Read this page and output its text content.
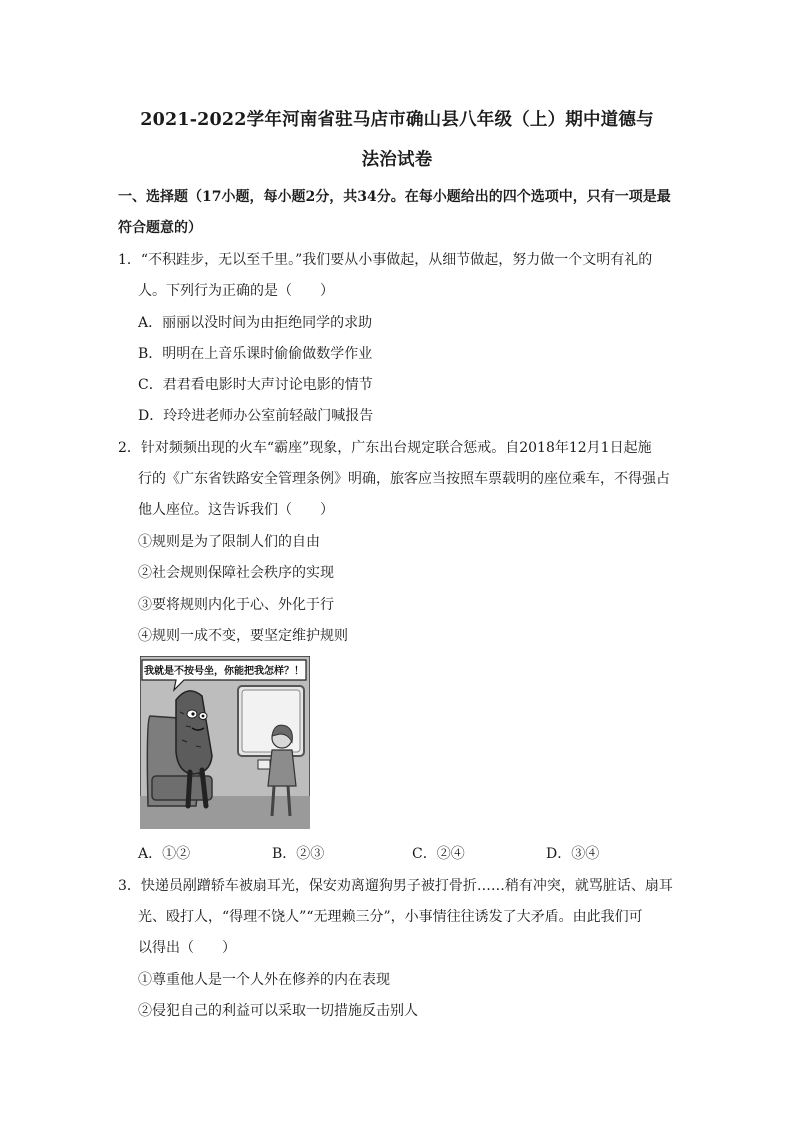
2021-2022学年河南省驻马店市确山县八年级（上）期中道德与
法治试卷
一、选择题（17小题，每小题2分，共34分。在每小题给出的四个选项中，只有一项是最
符合题意的）
1．“不积跬步，无以至千里。”我们要从小事做起，从细节做起，努力做一个文明有礼的
人。下列行为正确的是（　　）
A．丽丽以没时间为由拒绝同学的求助
B．明明在上音乐课时偷偷做数学作业
C．君君看电影时大声讨论电影的情节
D．玲玲进老师办公室前轻敲门喊报告
2．针对频频出现的火车“霸座”现象，广东出台规定联合惩戒。自2018年12月1日起施
行的《广东省铁路安全管理条例》明确，旅客应当按照车票载明的座位乘车，不得强占
他人座位。这告诉我们（　　）
①规则是为了限制人们的自由
②社会规则保障社会秩序的实现
③要将规则内化于心、外化于行
④规则一成不变，要坚定维护规则
我就是不按号坐，你能把我怎样？！
A．①②	B．②③	C．②④	D．③④
3．快递员剐蹭轿车被扇耳光，保安劝离遛狗男子被打骨折……稍有冲突，就骂脏话、扇耳
光、殴打人，“得理不饶人”“无理赖三分”，小事情往往诱发了大矛盾。由此我们可
以得出（　　）
①尊重他人是一个人外在修养的内在表现
②侵犯自己的利益可以采取一切措施反击别人
